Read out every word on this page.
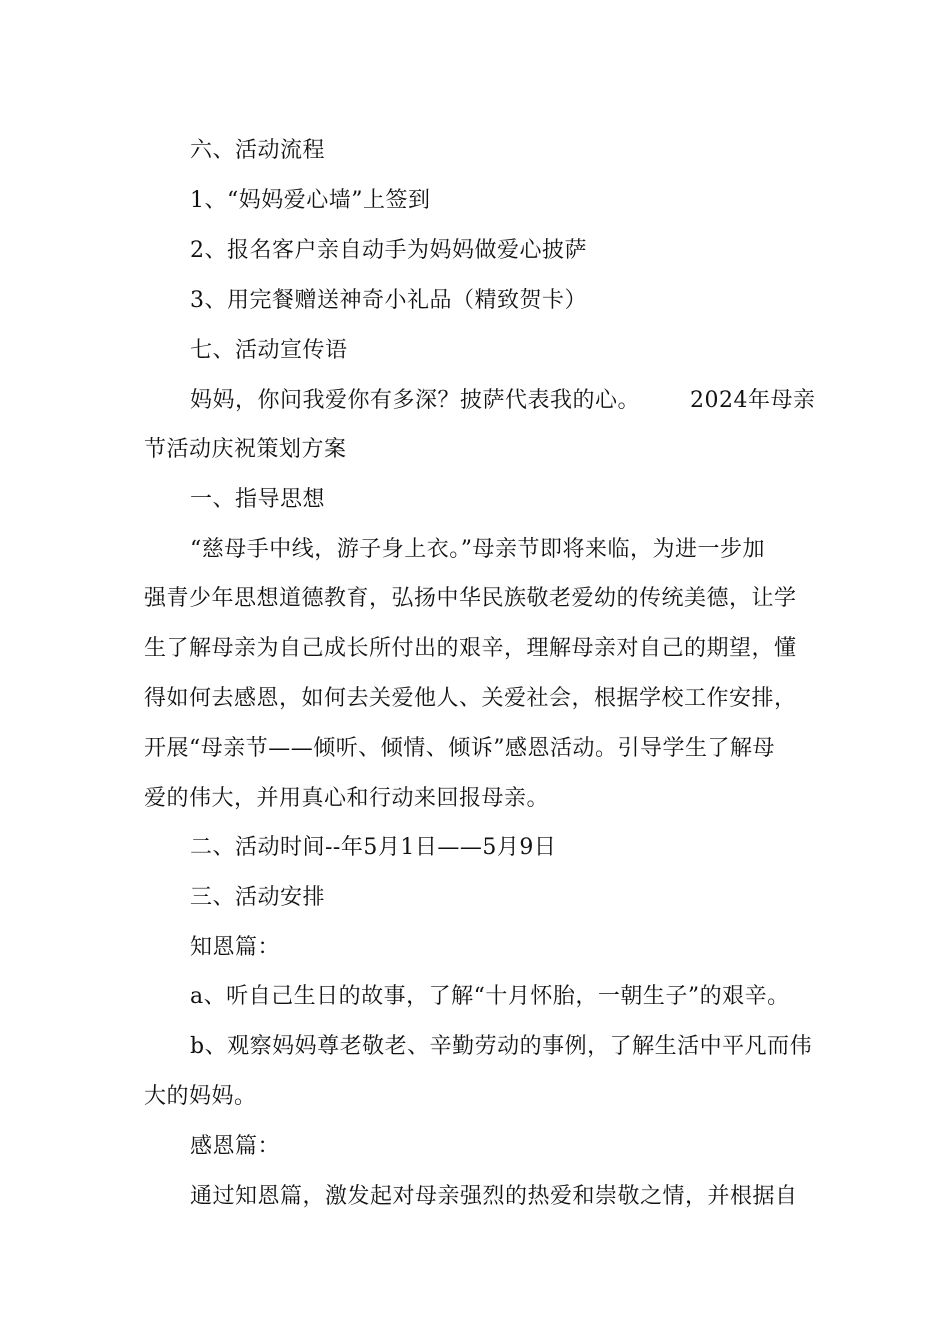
六、活动流程
1、“妈妈爱心墙”上签到
2、报名客户亲自动手为妈妈做爱心披萨
3、用完餐赠送神奇小礼品（精致贺卡）
七、活动宣传语
妈妈，你问我爱你有多深？披萨代表我的心。 2024年母亲
节活动庆祝策划方案
一、指导思想
“慈母手中线，游子身上衣。”母亲节即将来临，为进一步加
强青少年思想道德教育，弘扬中华民族敬老爱幼的传统美德，让学
生了解母亲为自己成长所付出的艰辛，理解母亲对自己的期望，懂
得如何去感恩，如何去关爱他人、关爱社会，根据学校工作安排，
开展“母亲节——倾听、倾情、倾诉”感恩活动。引导学生了解母
爱的伟大，并用真心和行动来回报母亲。
二、活动时间--年5月1日——5月9日
三、活动安排
知恩篇：
a、听自己生日的故事，了解“十月怀胎，一朝生子”的艰辛。
b、观察妈妈尊老敬老、辛勤劳动的事例，了解生活中平凡而伟
大的妈妈。
感恩篇：
通过知恩篇，激发起对母亲强烈的热爱和崇敬之情，并根据自
